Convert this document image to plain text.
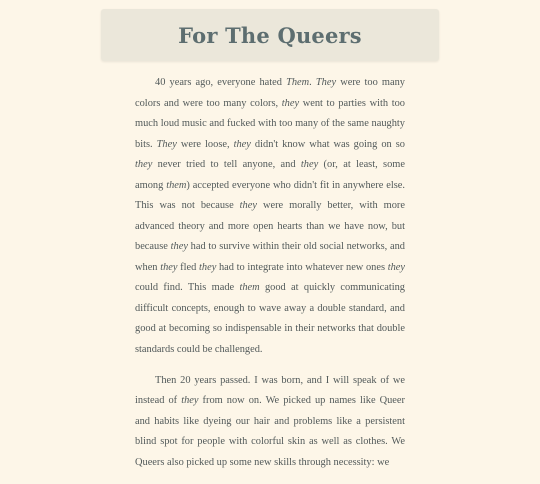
For The Queers

40 years ago, everyone hated Them. They were too many colors and were too many colors, they went to parties with too much loud music and fucked with too many of the same naughty bits. They were loose, they didn't know what was going on so they never tried to tell anyone, and they (or, at least, some among them) accepted everyone who didn't fit in anywhere else. This was not because they were morally better, with more advanced theory and more open hearts than we have now, but because they had to survive within their old social networks, and when they fled they had to integrate into whatever new ones they could find. This made them good at quickly communicating difficult concepts, enough to wave away a double standard, and good at becoming so indispensable in their networks that double standards could be challenged.

Then 20 years passed. I was born, and I will speak of we instead of they from now on. We picked up names like Queer and habits like dyeing our hair and problems like a persistent blind spot for people with colorful skin as well as clothes. We Queers also picked up some new skills through necessity: we
